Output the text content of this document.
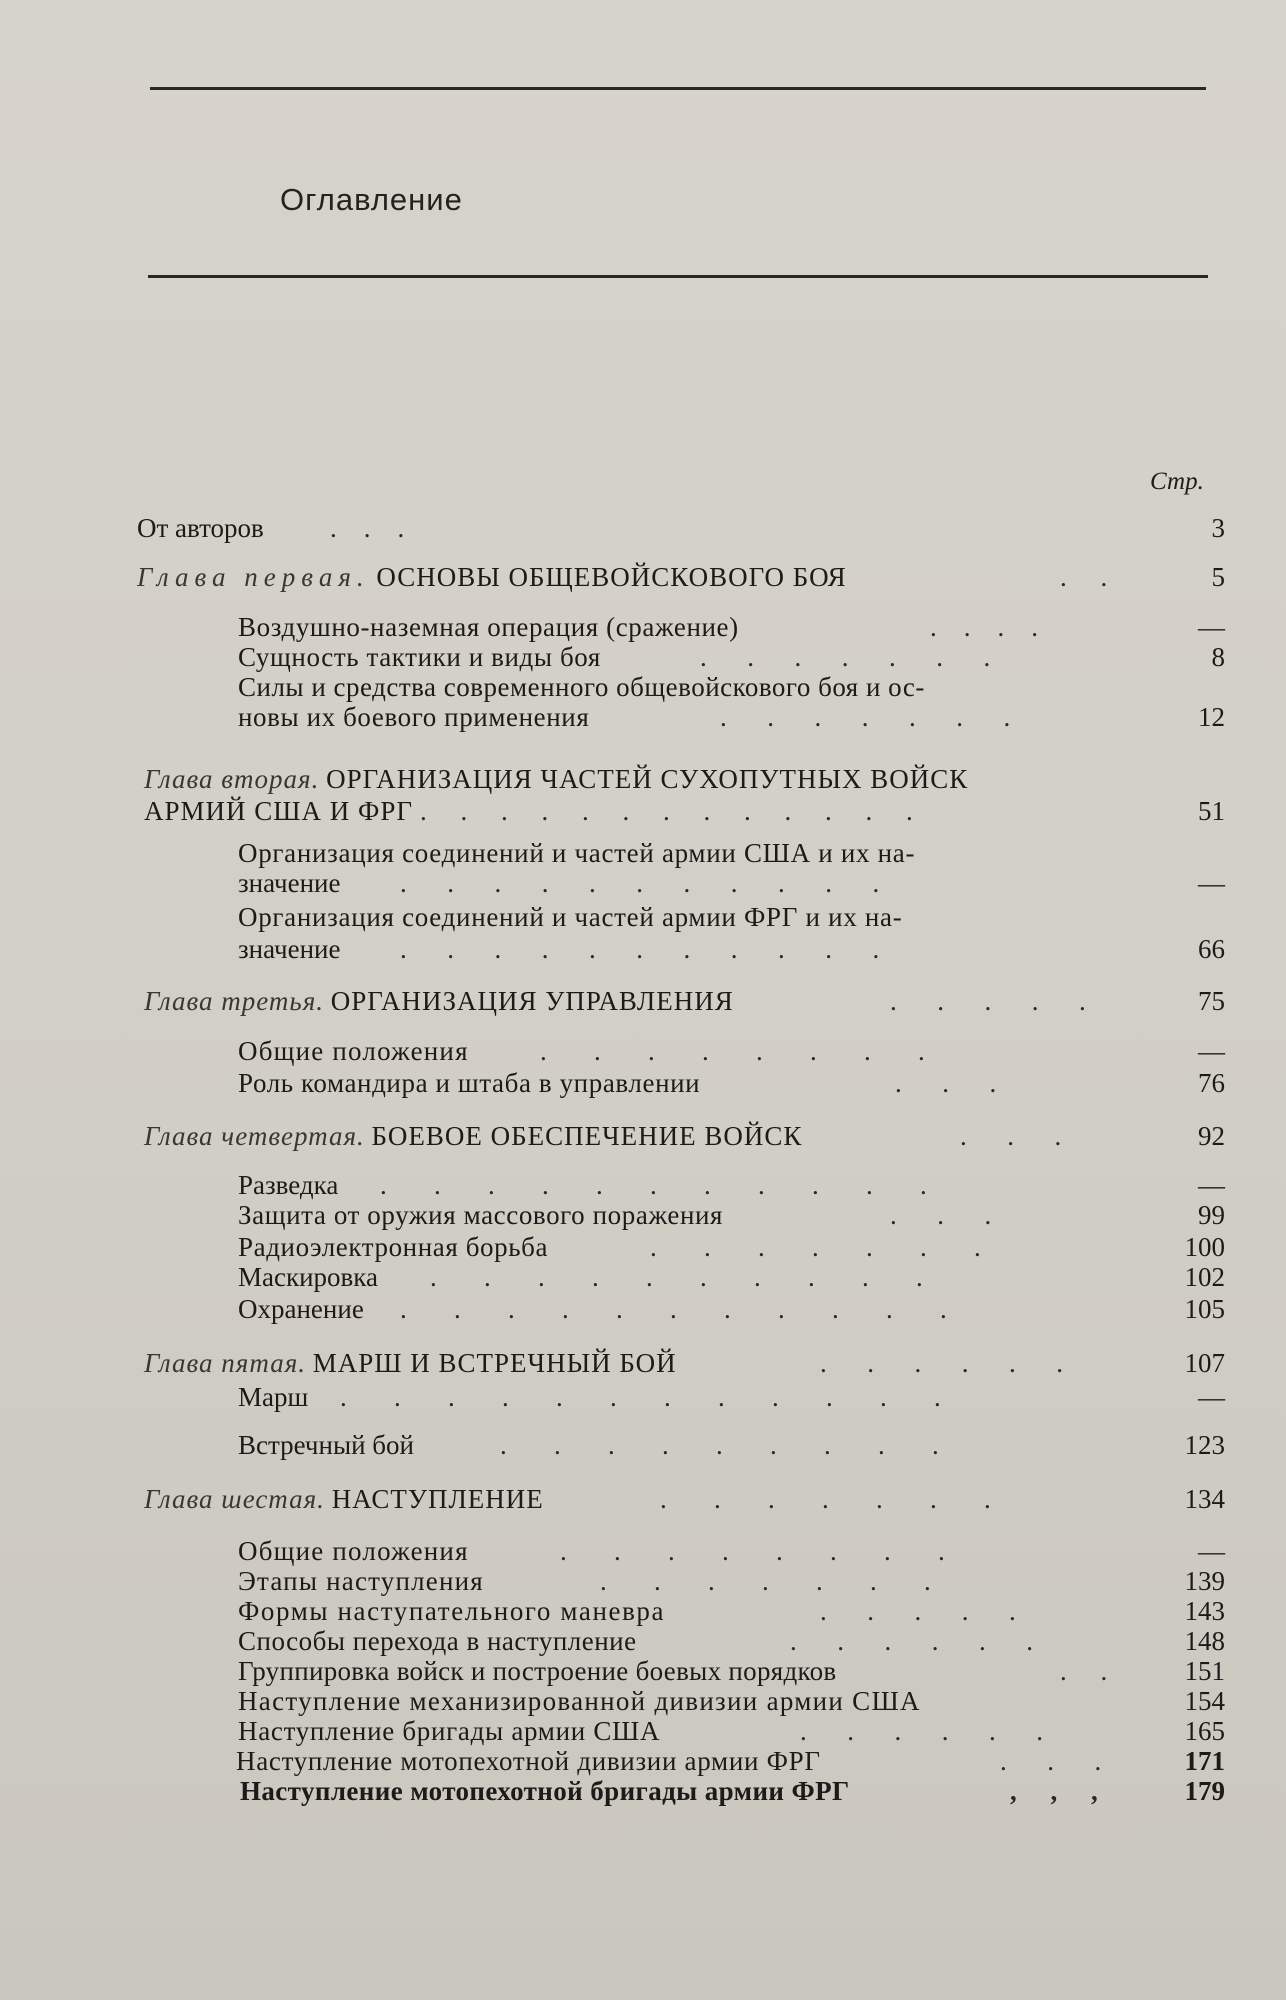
Оглавление
Стр.
От авторов .    .    .	3
Глава первая. ОСНОВЫ ОБЩЕВОЙСКОВОГО БОЯ	.     .	5
Воздушно-наземная операция (сражение)	.    .    .    .	—
Сущность тактики и виды боя	.      .      .      .      .      .      .	8
Силы и средства современного общевойскового боя и ос-
новы их боевого применения	.      .      .      .      .      .      .	12
Глава вторая. ОРГАНИЗАЦИЯ ЧАСТЕЙ СУХОПУТНЫХ ВОЙСК
АРМИЙ США И ФРГ .     .     .     .     .     .     .     .     .     .     .     .     .	51
Организация соединений и частей армии США и их на-
значение .      .      .      .      .      .      .      .      .      .      .	—
Организация соединений и частей армии ФРГ и их на-
значение .      .      .      .      .      .      .      .      .      .      .	66
Глава третья. ОРГАНИЗАЦИЯ УПРАВЛЕНИЯ	.      .      .      .      .	75
Общие положения	.       .       .       .       .       .       .       .	—
Роль командира и штаба в управлении	.      .      .	76
Глава четвертая. БОЕВОЕ ОБЕСПЕЧЕНИЕ ВОЙСК	.      .      .	92
Разведка .       .       .       .       .       .       .       .       .       .       .	—
Защита от оружия массового поражения	.      .      .	99
Радиоэлектронная борьба	.       .       .       .       .       .       .	100
Маскировка .       .       .       .       .       .       .       .       .       .	102
Охранение .       .       .       .       .       .       .       .       .       .       .	105
Глава пятая. МАРШ И ВСТРЕЧНЫЙ БОЙ	.      .      .      .      .      .	107
Марш .       .       .       .       .       .       .       .       .       .       .       .	—
Встречный бой	.       .       .       .       .       .       .       .       .	123
Глава шестая. НАСТУПЛЕНИЕ	.       .       .       .       .       .       .	134
Общие положения	.       .       .       .       .       .       .       .	—
Этапы наступления	.       .       .       .       .       .       .	139
Формы наступательного маневра	.      .      .      .      .	143
Способы перехода в наступление	.      .      .      .      .      .	148
Группировка войск и построение боевых порядков	.     .	151
Наступление механизированной дивизии армии США	154
Наступление бригады армии США	.      .      .      .      .      .	165
Наступление мотопехотной дивизии армии ФРГ	.      .      .	171
Наступление мотопехотной бригады армии ФРГ	,     ,     ,	179
